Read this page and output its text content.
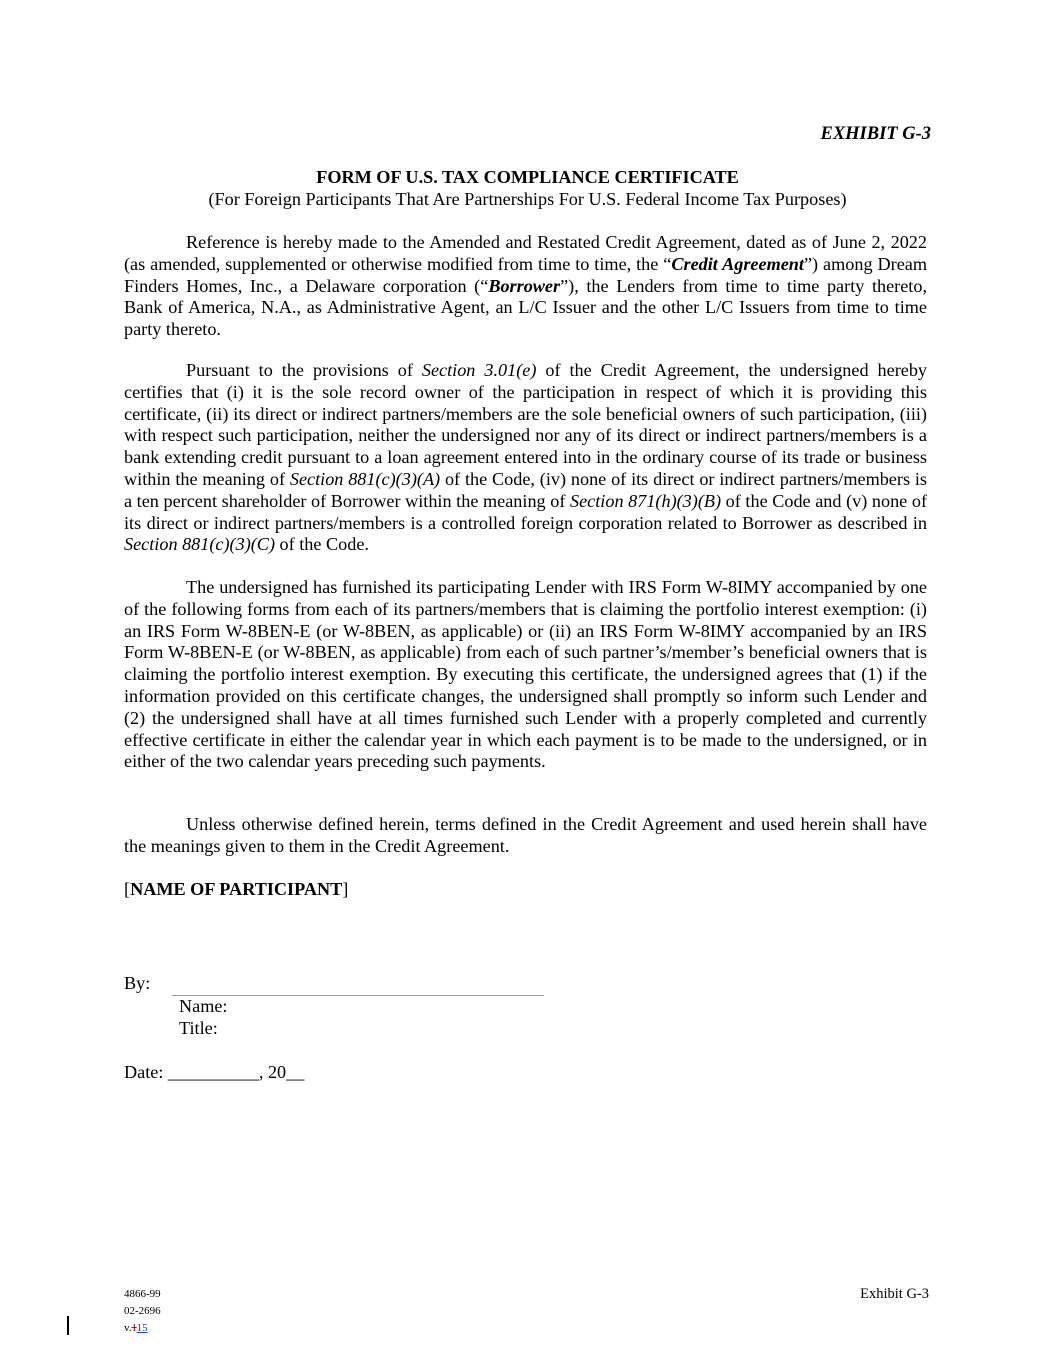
EXHIBIT G-3
FORM OF U.S. TAX COMPLIANCE CERTIFICATE
(For Foreign Participants That Are Partnerships For U.S. Federal Income Tax Purposes)

Reference is hereby made to the Amended and Restated Credit Agreement, dated as of June 2, 2022 (as amended, supplemented or otherwise modified from time to time, the “Credit Agreement”) among Dream Finders Homes, Inc., a Delaware corporation (“Borrower”), the Lenders from time to time party thereto, Bank of America, N.A., as Administrative Agent, an L/C Issuer and the other L/C Issuers from time to time party thereto.

Pursuant to the provisions of Section 3.01(e) of the Credit Agreement, the undersigned hereby certifies that (i) it is the sole record owner of the participation in respect of which it is providing this certificate, (ii) its direct or indirect partners/members are the sole beneficial owners of such participation, (iii) with respect such participation, neither the undersigned nor any of its direct or indirect partners/members is a bank extending credit pursuant to a loan agreement entered into in the ordinary course of its trade or business within the meaning of Section 881(c)(3)(A) of the Code, (iv) none of its direct or indirect partners/members is a ten percent shareholder of Borrower within the meaning of Section 871(h)(3)(B) of the Code and (v) none of its direct or indirect partners/members is a controlled foreign corporation related to Borrower as described in Section 881(c)(3)(C) of the Code.

The undersigned has furnished its participating Lender with IRS Form W-8IMY accompanied by one of the following forms from each of its partners/members that is claiming the portfolio interest exemption: (i) an IRS Form W-8BEN-E (or W-8BEN, as applicable) or (ii) an IRS Form W-8IMY accompanied by an IRS Form W-8BEN-E (or W-8BEN, as applicable) from each of such partner’s/member’s beneficial owners that is claiming the portfolio interest exemption. By executing this certificate, the undersigned agrees that (1) if the information provided on this certificate changes, the undersigned shall promptly so inform such Lender and (2) the undersigned shall have at all times furnished such Lender with a properly completed and currently effective certificate in either the calendar year in which each payment is to be made to the undersigned, or in either of the two calendar years preceding such payments.

Unless otherwise defined herein, terms defined in the Credit Agreement and used herein shall have the meanings given to them in the Credit Agreement.

[NAME OF PARTICIPANT]
By:
Name:
Title:
Date: __________, 20__
4866-99
02-2696
v.115
Exhibit G-3
